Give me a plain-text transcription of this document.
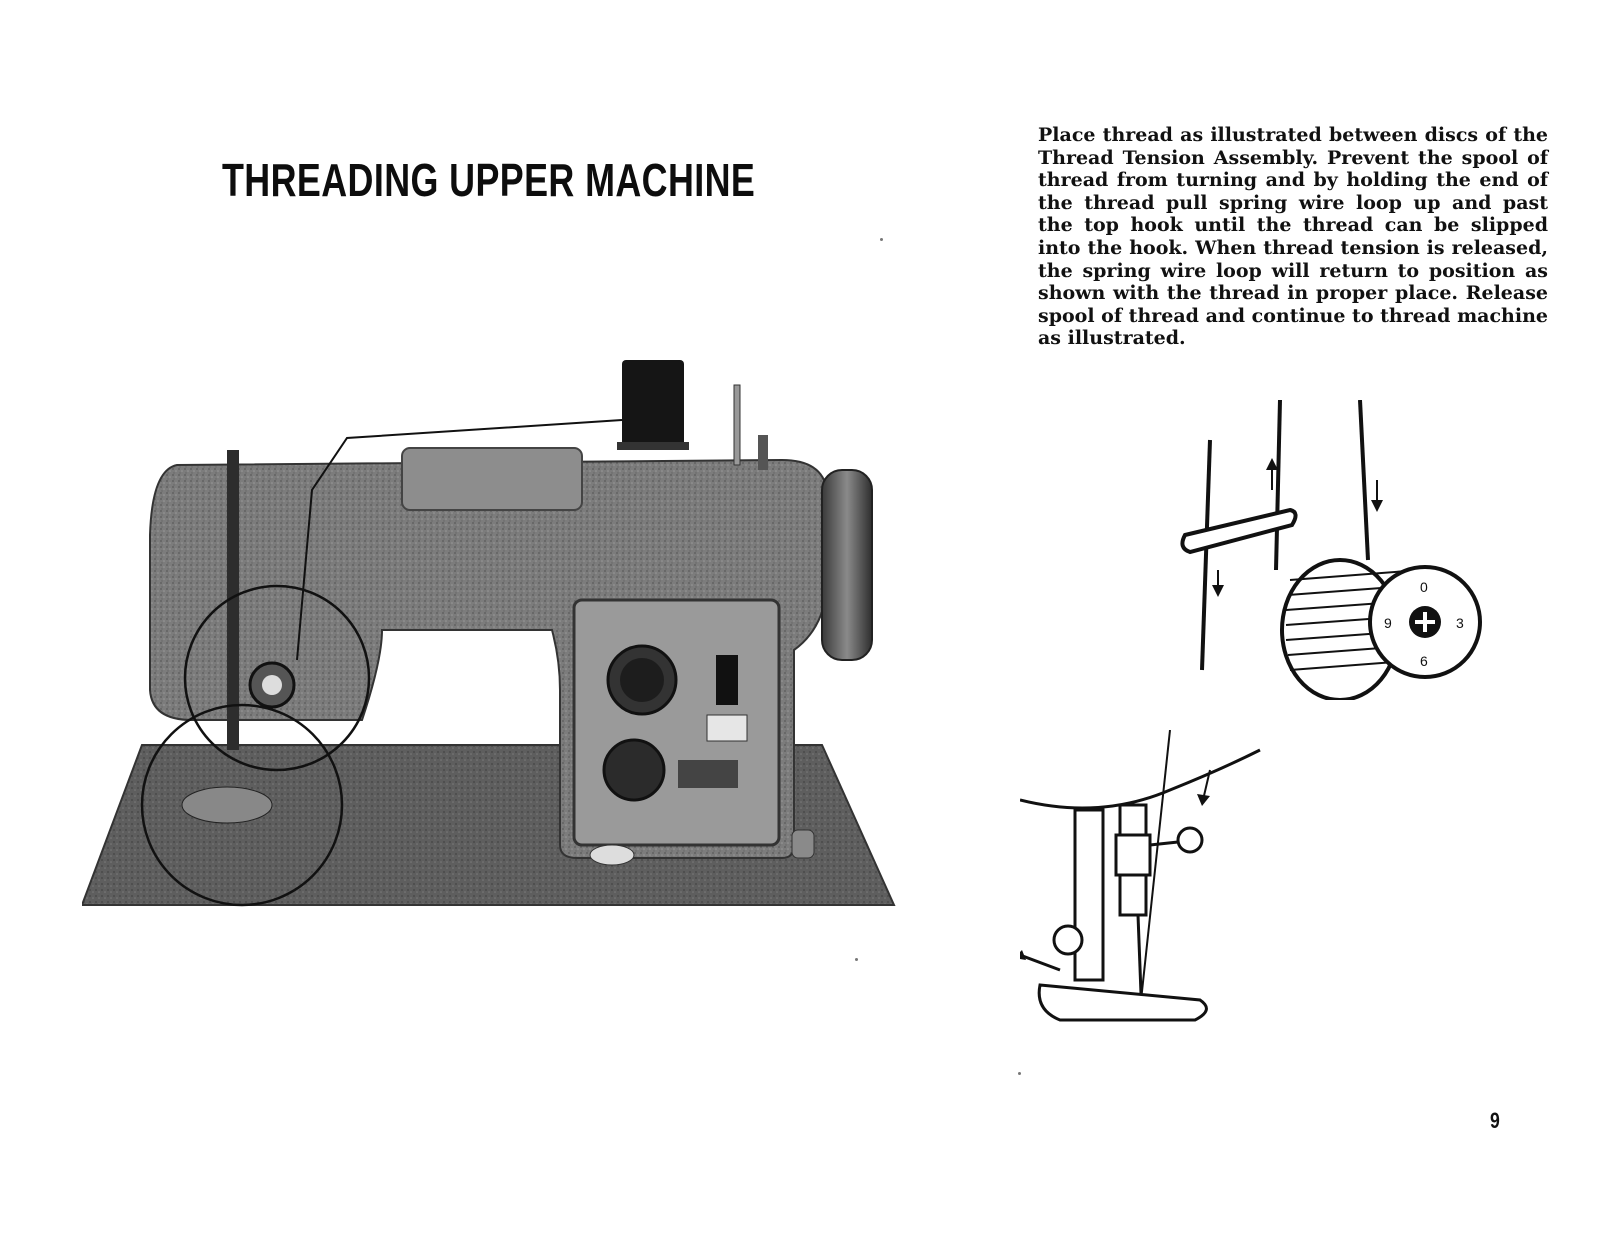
THREADING UPPER MACHINE
Place thread as illustrated between discs of the Thread Tension Assembly. Prevent the spool of thread from turning and by holding the end of the thread pull spring wire loop up and past the top hook until the thread can be slipped into the hook. When thread tension is released, the spring wire loop will return to position as shown with the thread in proper place. Release spool of thread and continue to thread machine as illustrated.
0
3
6
9
9
